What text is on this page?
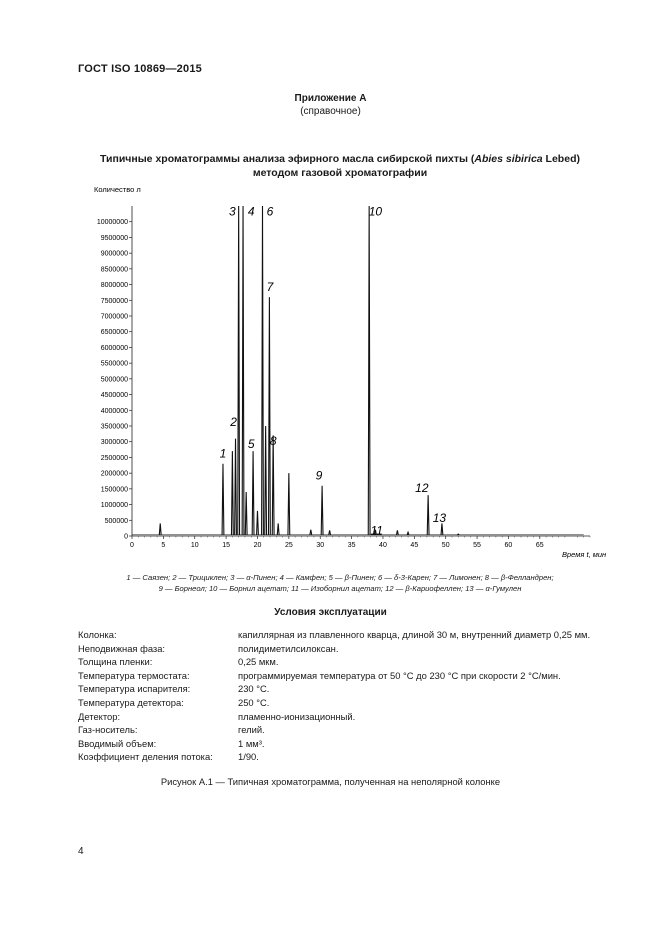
ГОСТ ISO 10869—2015
Приложение А
(справочное)
Типичные хроматограммы анализа эфирного масла сибирской пихты (Abies sibirica Lebed)
методом газовой хроматографии
Количество л
Время t, мин
0
500000
1000000
1500000
2000000
2500000
3000000
3500000
4000000
4500000
5000000
5500000
6000000
6500000
7000000
7500000
8000000
8500000
9000000
9500000
10000000
0	5	10	15	20	25	30	35	40	45	50	55	60	65
1
2
3 4
5
6
7
8
9
10
11
12
13
1 — Саязен; 2 — Трициклен; 3 — α-Пинен; 4 — Камфен; 5 — β-Пинен; 6 — δ-3-Карен; 7 — Лимонен; 8 — β-Фелландрен;
9 — Борнеол; 10 — Борнил ацетат; 11 — Изоборнил ацетат; 12 — β-Кариофеллен; 13 — α-Гумулен
Условия эксплуатации
Колонка:	капиллярная из плавленного кварца, длиной 30 м, внутренний диаметр 0,25 мм.
Неподвижная фаза:	полидиметилсилоксан.
Толщина пленки:	0,25 мкм.
Температура термостата:	программируемая температура от 50 °С до 230 °С при скорости 2 °С/мин.
Температура испарителя:	230 °С.
Температура детектора:	250 °С.
Детектор:	пламенно-ионизационный.
Газ-носитель:	гелий.
Вводимый объем:	1 мм³.
Коэффициент деления потока:	1/90.
Рисунок А.1 — Типичная хроматограмма, полученная на неполярной колонке
4
